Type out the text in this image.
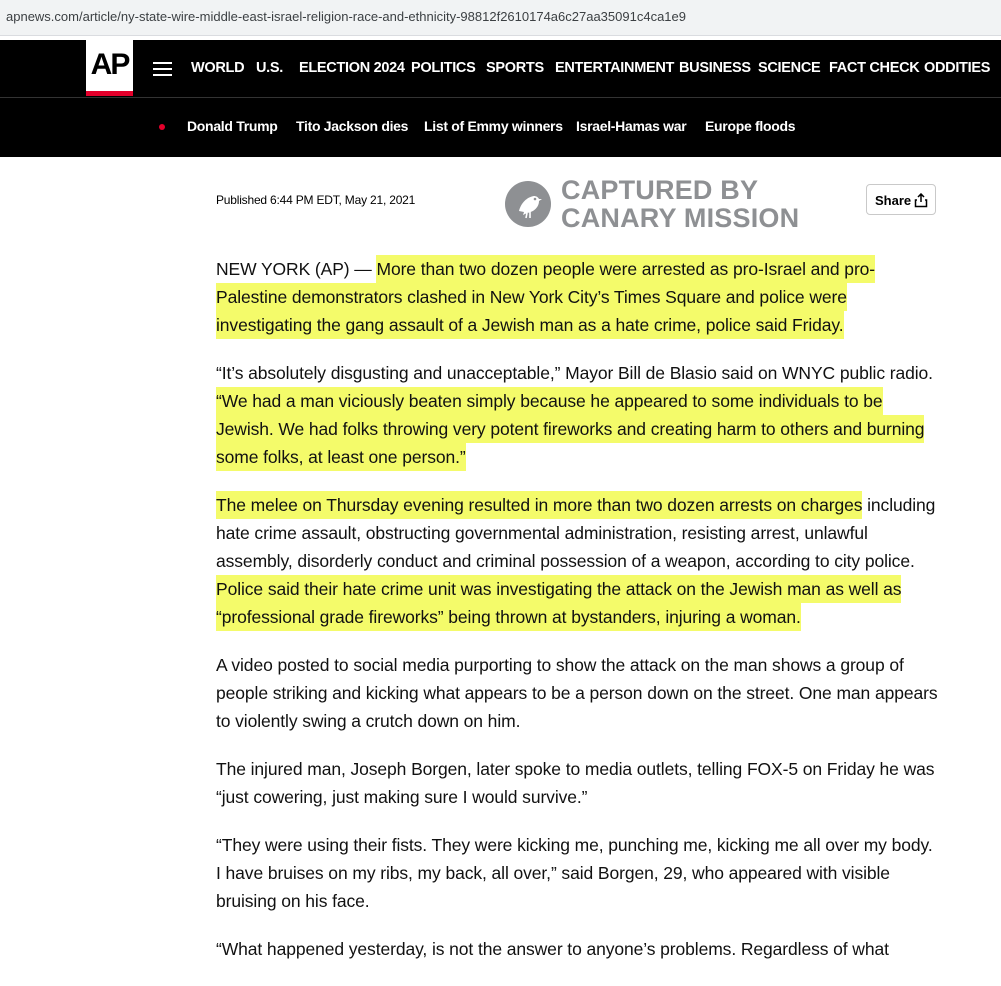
apnews.com/article/ny-state-wire-middle-east-israel-religion-race-and-ethnicity-98812f2610174a6c27aa35091c4ca1e9
AP	WORLD U.S. ELECTION 2024 POLITICS SPORTS ENTERTAINMENT BUSINESS SCIENCE FACT CHECK ODDITIES
Donald Trump Tito Jackson dies List of Emmy winners Israel-Hamas war Europe floods
Published 6:44 PM EDT, May 21, 2021	CAPTURED BY
CANARY MISSION
Share

NEW YORK (AP) — More than two dozen people were arrested as pro-Israel and pro-Palestine demonstrators clashed in New York City’s Times Square and police were investigating the gang assault of a Jewish man as a hate crime, police said Friday.

“It’s absolutely disgusting and unacceptable,” Mayor Bill de Blasio said on WNYC public radio. “We had a man viciously beaten simply because he appeared to some individuals to be Jewish. We had folks throwing very potent fireworks and creating harm to others and burning some folks, at least one person.”

The melee on Thursday evening resulted in more than two dozen arrests on charges including hate crime assault, obstructing governmental administration, resisting arrest, unlawful assembly, disorderly conduct and criminal possession of a weapon, according to city police. Police said their hate crime unit was investigating the attack on the Jewish man as well as “professional grade fireworks” being thrown at bystanders, injuring a woman.

A video posted to social media purporting to show the attack on the man shows a group of people striking and kicking what appears to be a person down on the street. One man appears to violently swing a crutch down on him.

The injured man, Joseph Borgen, later spoke to media outlets, telling FOX-5 on Friday he was “just cowering, just making sure I would survive.”

“They were using their fists. They were kicking me, punching me, kicking me all over my body. I have bruises on my ribs, my back, all over,” said Borgen, 29, who appeared with visible bruising on his face.

“What happened yesterday, is not the answer to anyone’s problems. Regardless of what
